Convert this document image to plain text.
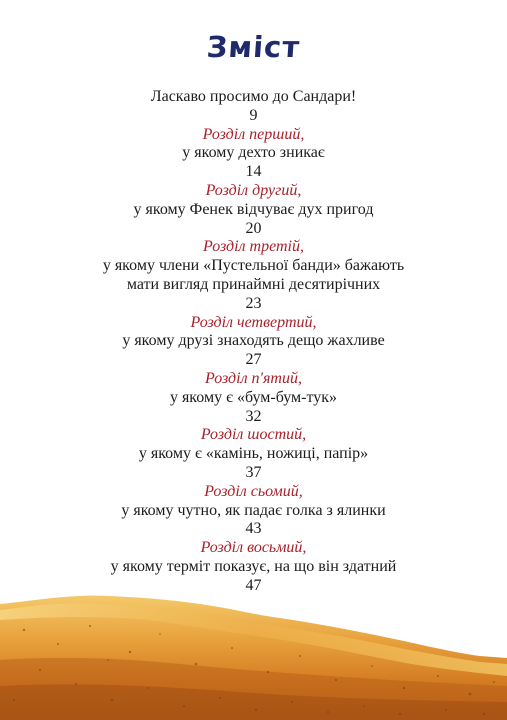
Зміст
Ласкаво просимо до Сандари!
9
Розділ перший,
у якому дехто зникає
14
Розділ другий,
у якому Фенек відчуває дух пригод
20
Розділ третій,
у якому члени «Пустельної банди» бажають
мати вигляд принаймні десятирічних
23
Розділ четвертий,
у якому друзі знаходять дещо жахливе
27
Розділ п'ятий,
у якому є «бум-бум-тук»
32
Розділ шостий,
у якому є «камінь, ножиці, папір»
37
Розділ сьомий,
у якому чутно, як падає голка з ялинки
43
Розділ восьмий,
у якому терміт показує, на що він здатний
47
